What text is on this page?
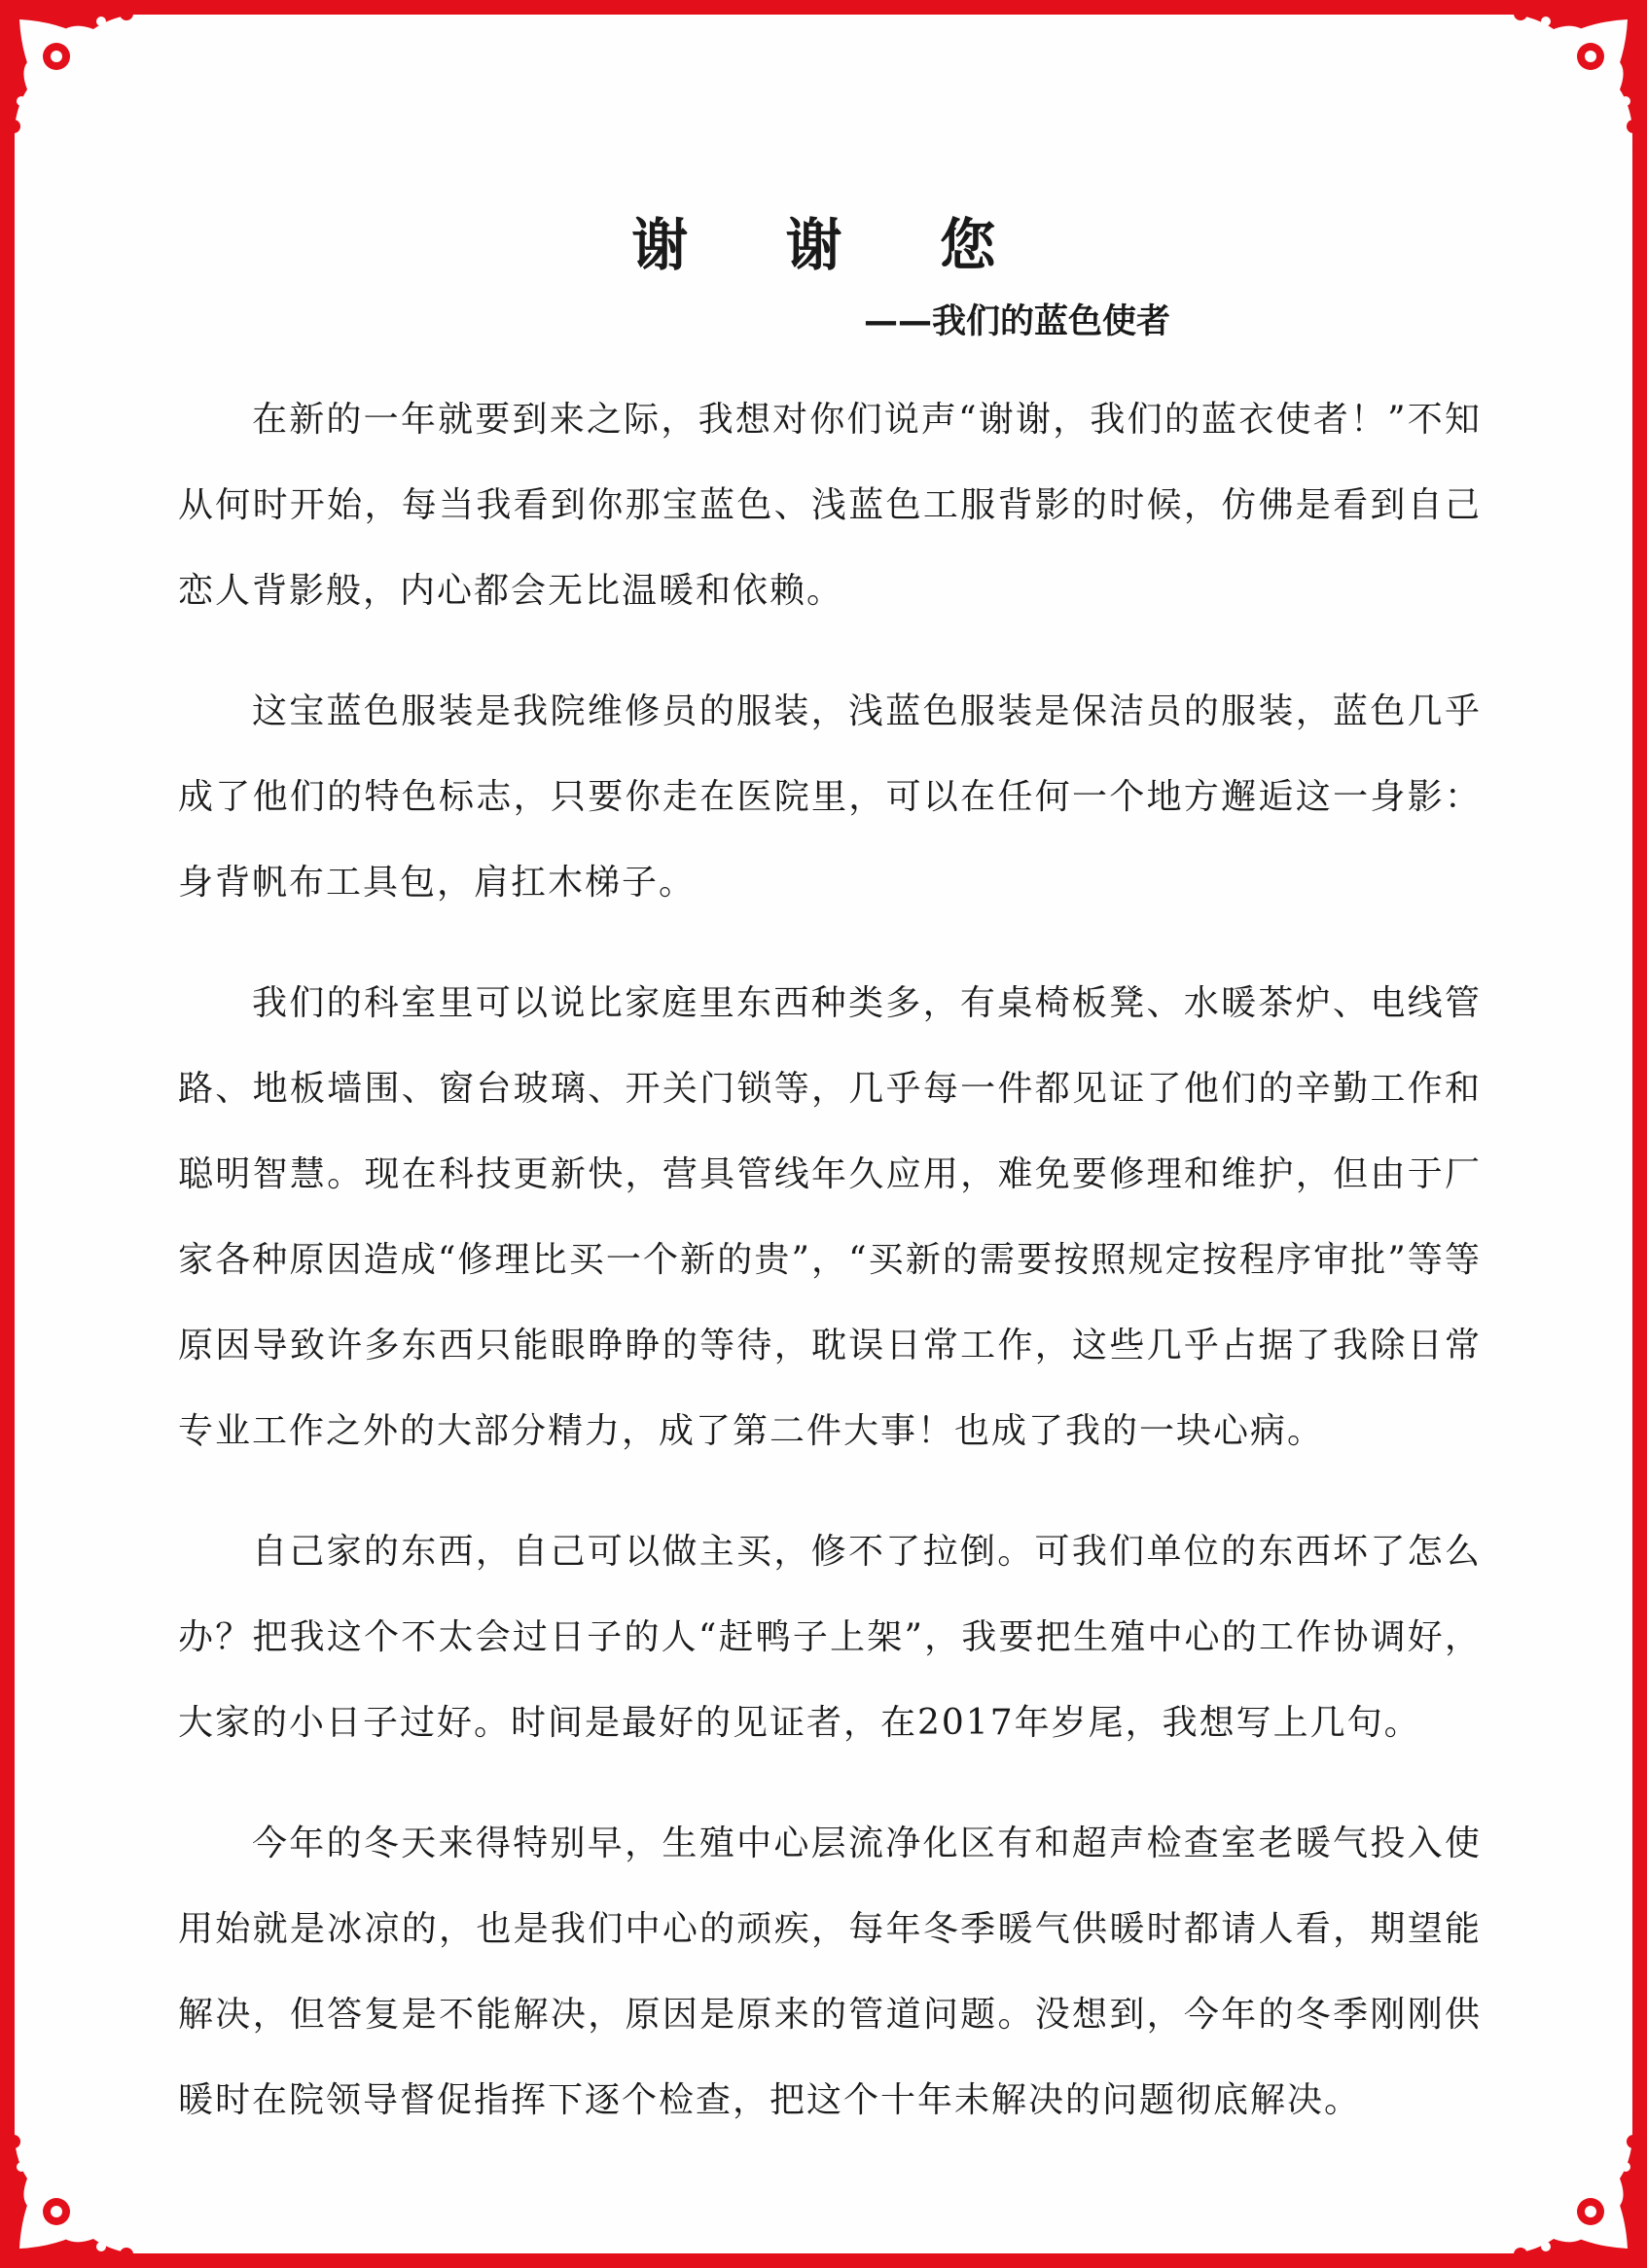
谢 谢 您
——我们的蓝色使者

在新的一年就要到来之际，我想对你们说声“谢谢，我们的蓝衣使者！”不知从何时开始，每当我看到你那宝蓝色、浅蓝色工服背影的时候，仿佛是看到自己恋人背影般，内心都会无比温暖和依赖。

这宝蓝色服装是我院维修员的服装，浅蓝色服装是保洁员的服装，蓝色几乎成了他们的特色标志，只要你走在医院里，可以在任何一个地方邂逅这一身影：身背帆布工具包，肩扛木梯子。

我们的科室里可以说比家庭里东西种类多，有桌椅板凳、水暖茶炉、电线管路、地板墙围、窗台玻璃、开关门锁等，几乎每一件都见证了他们的辛勤工作和聪明智慧。现在科技更新快，营具管线年久应用，难免要修理和维护，但由于厂家各种原因造成“修理比买一个新的贵”，“买新的需要按照规定按程序审批”等等原因导致许多东西只能眼睁睁的等待，耽误日常工作，这些几乎占据了我除日常专业工作之外的大部分精力，成了第二件大事！也成了我的一块心病。

自己家的东西，自己可以做主买，修不了拉倒。可我们单位的东西坏了怎么办？把我这个不太会过日子的人“赶鸭子上架”，我要把生殖中心的工作协调好，大家的小日子过好。时间是最好的见证者，在2017年岁尾，我想写上几句。

今年的冬天来得特别早，生殖中心层流净化区有和超声检查室老暖气投入使用始就是冰凉的，也是我们中心的顽疾，每年冬季暖气供暖时都请人看，期望能解决，但答复是不能解决，原因是原来的管道问题。没想到，今年的冬季刚刚供暖时在院领导督促指挥下逐个检查，把这个十年未解决的问题彻底解决。
